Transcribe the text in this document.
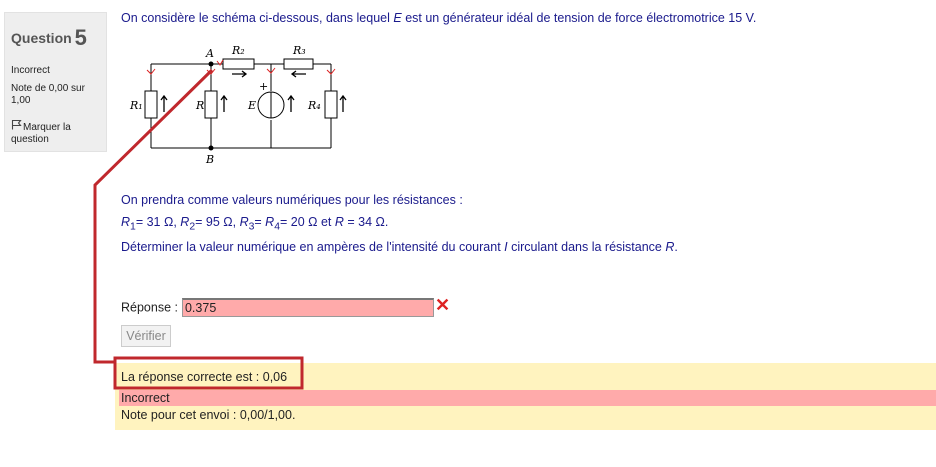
Question 5
Incorrect
Note de 0,00 sur 1,00
Marquer la question
On considère le schéma ci-dessous, dans lequel E est un générateur idéal de tension de force électromotrice 15 V.
A
B
R₁	R	E	R₄
R₂	R₃
+
On prendra comme valeurs numériques pour les résistances :
$R_1= 31$ Ω, $R_2= 95$ Ω, $R_3= R_4= 20$ Ω et R = 34 Ω.
Déterminer la valeur numérique en ampères de l'intensité du courant I circulant dans la résistance R.
Réponse :0.375	✕
Vérifier
La réponse correcte est : 0,06
Incorrect
Note pour cet envoi : 0,00/1,00.
